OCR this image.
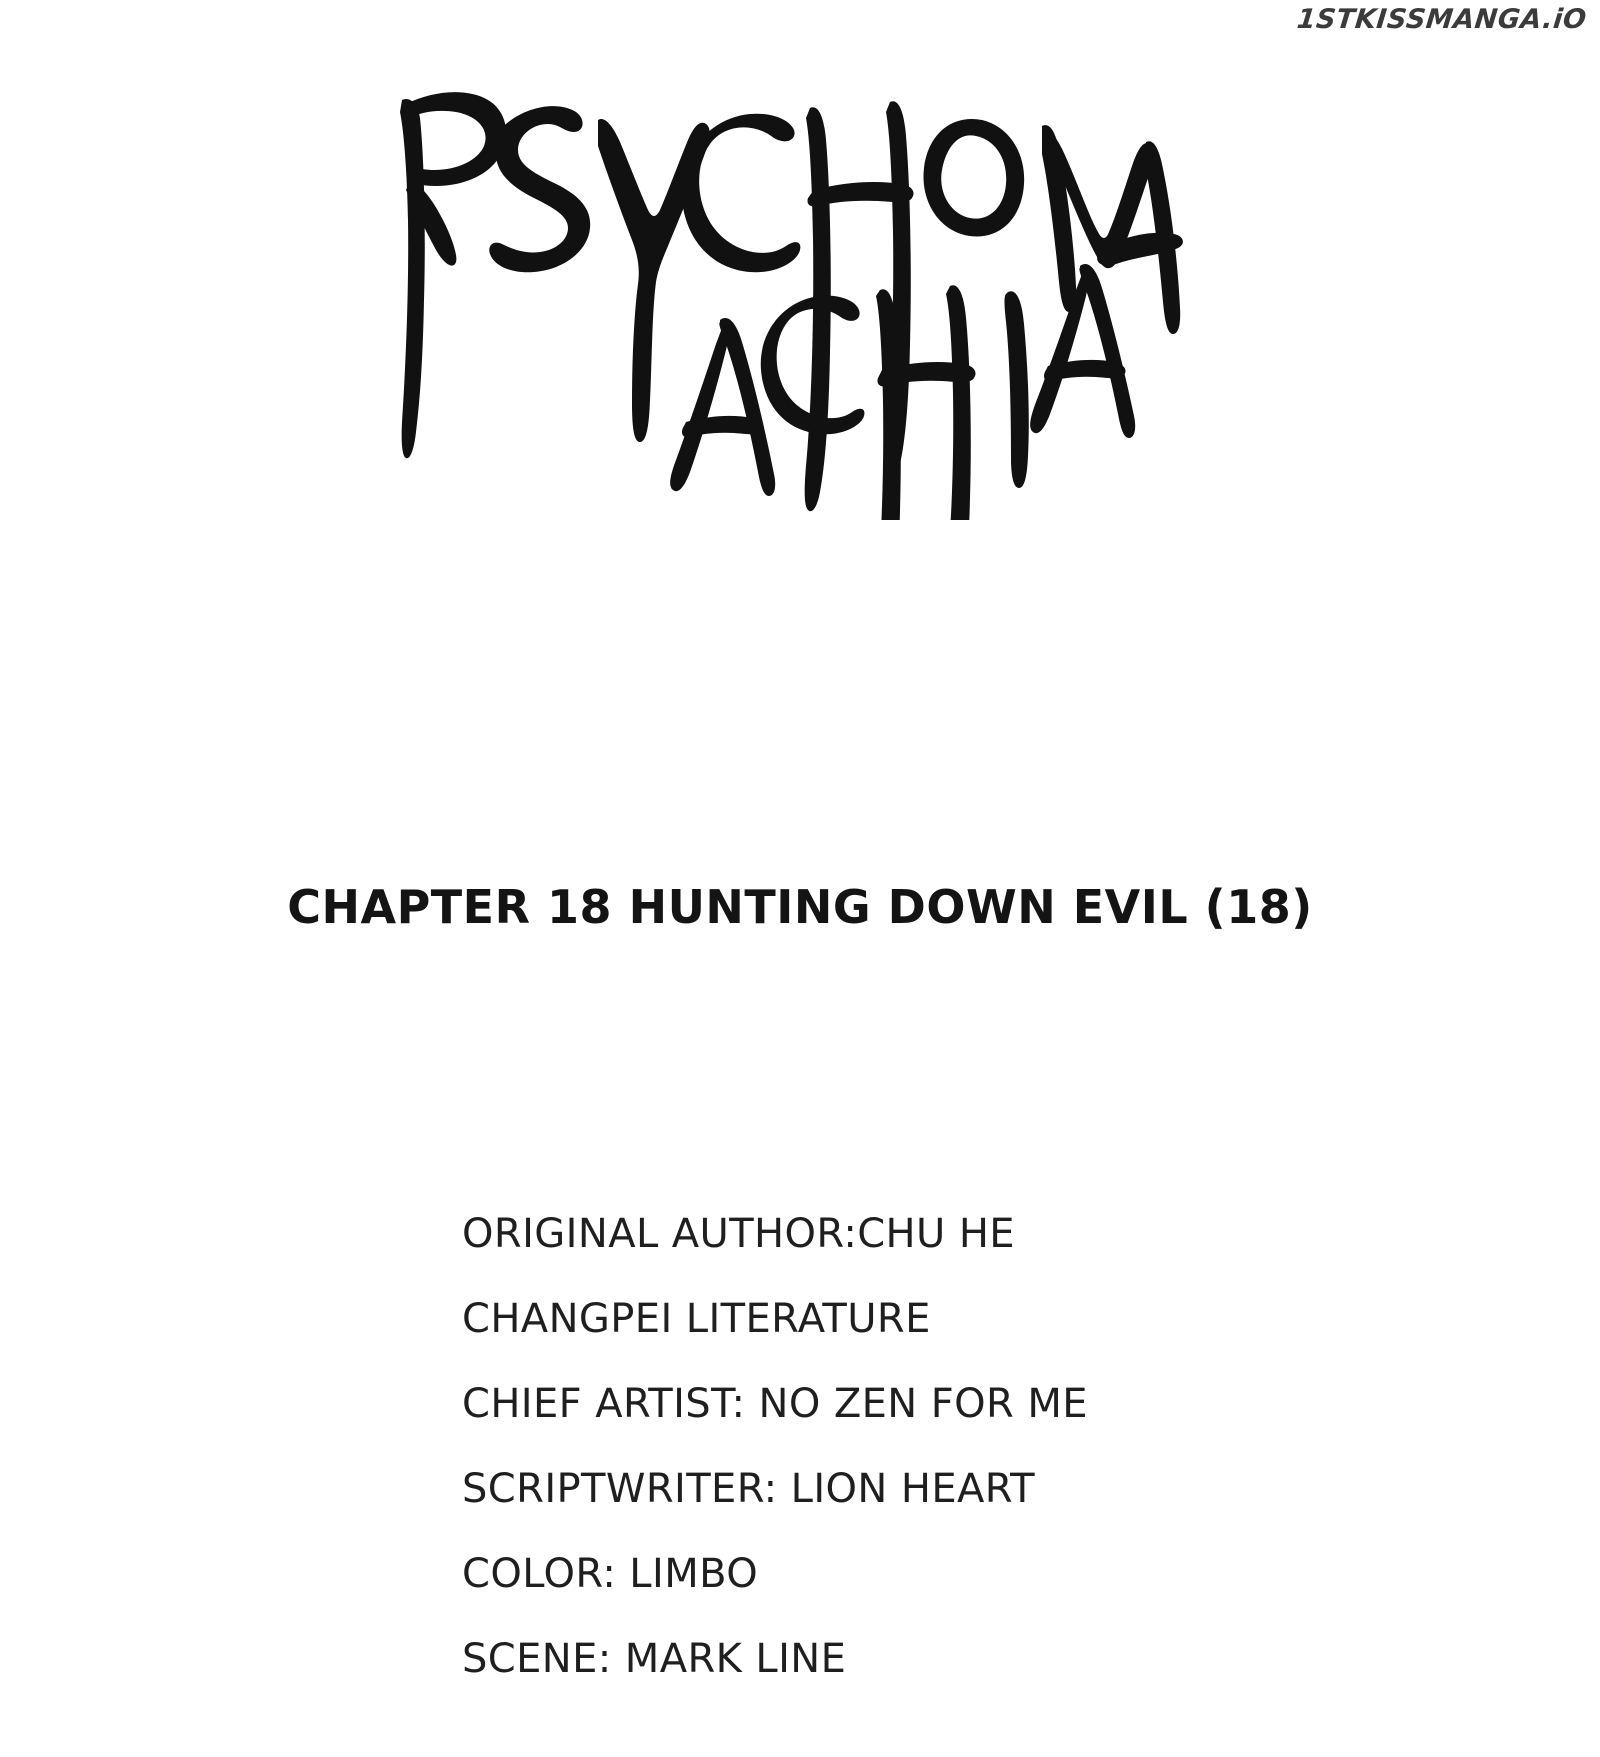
1STKISSMANGA.iO
CHAPTER 18 HUNTING DOWN EVIL (18)
ORIGINAL AUTHOR:CHU HE
CHANGPEI LITERATURE
CHIEF ARTIST: NO ZEN FOR ME
SCRIPTWRITER: LION HEART
COLOR: LIMBO
SCENE: MARK LINE
